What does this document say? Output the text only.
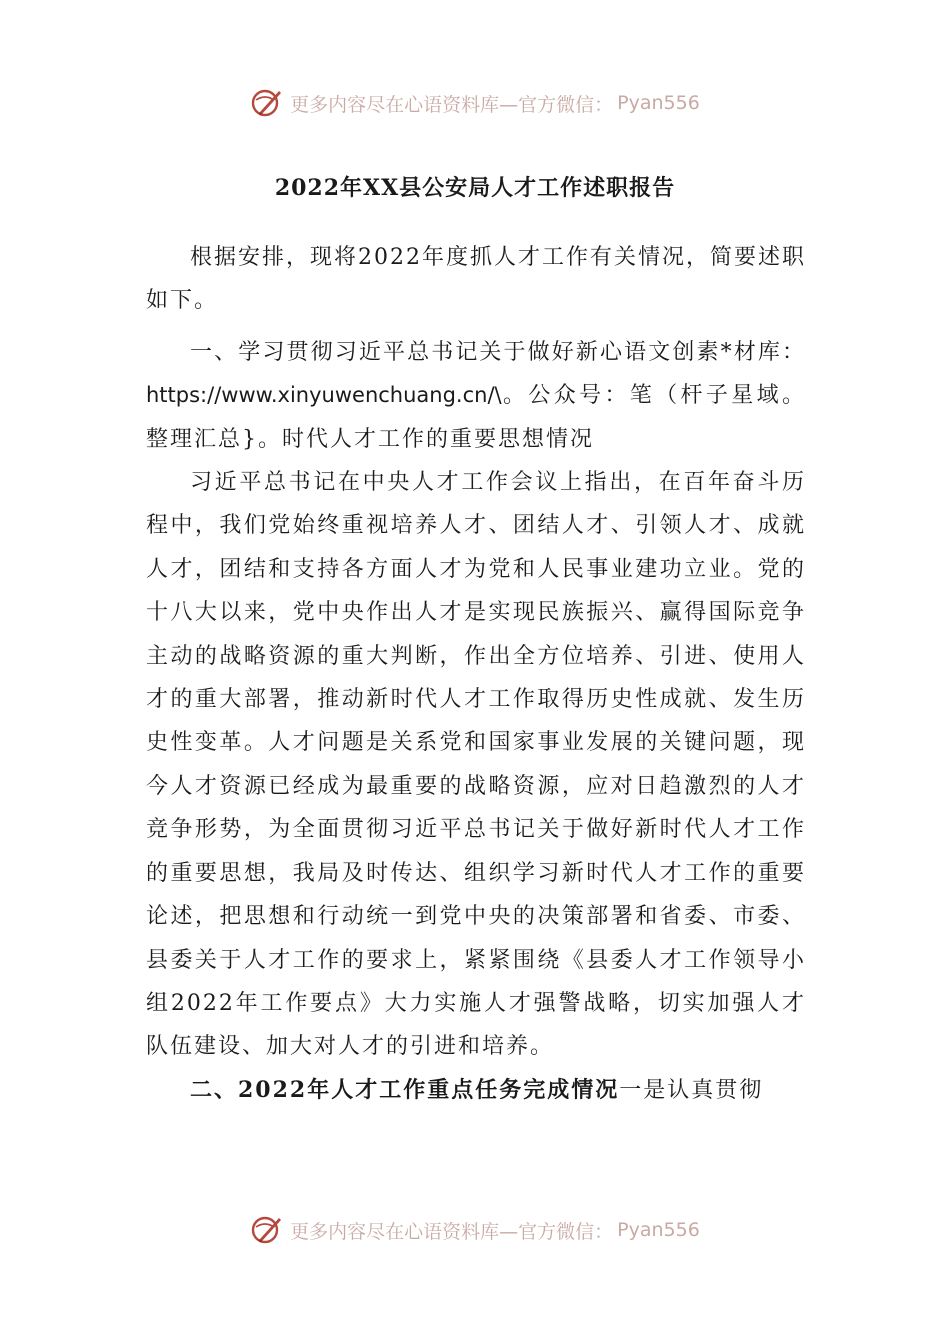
更多内容尽在心语资料库—官方微信： Pyan556
2022年XX县公安局人才工作述职报告

根据安排，现将2022年度抓人才工作有关情况，简要述职如下。

一、学习贯彻习近平总书记关于做好新心语文创素*材库：https://www.xinyuwenchuang.cn/\。公众号：笔（杆子星域。整理汇总}。时代人才工作的重要思想情况

习近平总书记在中央人才工作会议上指出，在百年奋斗历程中，我们党始终重视培养人才、团结人才、引领人才、成就人才，团结和支持各方面人才为党和人民事业建功立业。党的十八大以来，党中央作出人才是实现民族振兴、赢得国际竞争主动的战略资源的重大判断，作出全方位培养、引进、使用人才的重大部署，推动新时代人才工作取得历史性成就、发生历史性变革。人才问题是关系党和国家事业发展的关键问题，现今人才资源已经成为最重要的战略资源，应对日趋激烈的人才竞争形势，为全面贯彻习近平总书记关于做好新时代人才工作的重要思想，我局及时传达、组织学习新时代人才工作的重要论述，把思想和行动统一到党中央的决策部署和省委、市委、县委关于人才工作的要求上，紧紧围绕《县委人才工作领导小组2022年工作要点》大力实施人才强警战略，切实加强人才队伍建设、加大对人才的引进和培养。

二、2022年人才工作重点任务完成情况一是认真贯彻

更多内容尽在心语资料库—官方微信： Pyan556
